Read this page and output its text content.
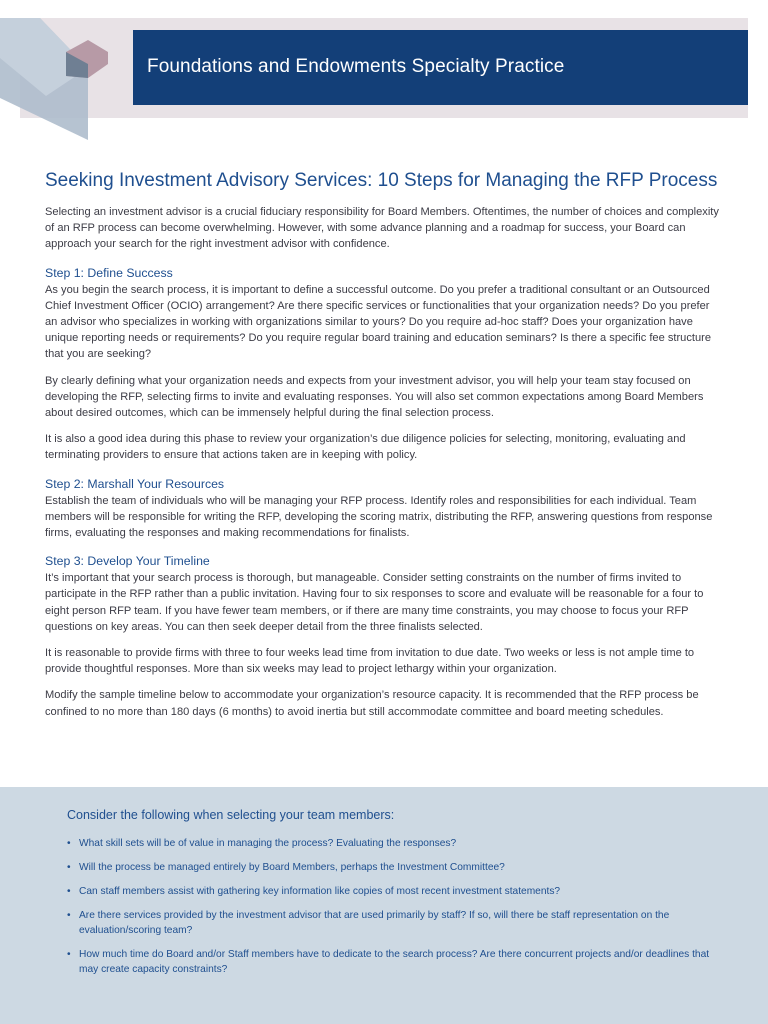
Foundations and Endowments Specialty Practice
Seeking Investment Advisory Services: 10 Steps for Managing the RFP Process

Selecting an investment advisor is a crucial fiduciary responsibility for Board Members. Oftentimes, the number of choices and complexity of an RFP process can become overwhelming. However, with some advance planning and a roadmap for success, your Board can approach your search for the right investment advisor with confidence.

Step 1: Define Success

As you begin the search process, it is important to define a successful outcome. Do you prefer a traditional consultant or an Outsourced Chief Investment Officer (OCIO) arrangement? Are there specific services or functionalities that your organization needs? Do you prefer an advisor who specializes in working with organizations similar to yours? Do you require ad-hoc staff? Does your organization have unique reporting needs or requirements? Do you require regular board training and education seminars? Is there a specific fee structure that you are seeking?

By clearly defining what your organization needs and expects from your investment advisor, you will help your team stay focused on developing the RFP, selecting firms to invite and evaluating responses. You will also set common expectations among Board Members about desired outcomes, which can be immensely helpful during the final selection process.

It is also a good idea during this phase to review your organization’s due diligence policies for selecting, monitoring, evaluating and terminating providers to ensure that actions taken are in keeping with policy.

Step 2: Marshall Your Resources

Establish the team of individuals who will be managing your RFP process. Identify roles and responsibilities for each individual. Team members will be responsible for writing the RFP, developing the scoring matrix, distributing the RFP, answering questions from response firms, evaluating the responses and making recommendations for finalists.

Step 3: Develop Your Timeline

It’s important that your search process is thorough, but manageable. Consider setting constraints on the number of firms invited to participate in the RFP rather than a public invitation. Having four to six responses to score and evaluate will be reasonable for a four to eight person RFP team. If you have fewer team members, or if there are many time constraints, you may choose to focus your RFP questions on key areas. You can then seek deeper detail from the three finalists selected.

It is reasonable to provide firms with three to four weeks lead time from invitation to due date. Two weeks or less is not ample time to provide thoughtful responses. More than six weeks may lead to project lethargy within your organization.

Modify the sample timeline below to accommodate your organization’s resource capacity. It is recommended that the RFP process be confined to no more than 180 days (6 months) to avoid inertia but still accommodate committee and board meeting schedules.

Consider the following when selecting your team members:
• What skill sets will be of value in managing the process? Evaluating the responses?
• Will the process be managed entirely by Board Members, perhaps the Investment Committee?
• Can staff members assist with gathering key information like copies of most recent investment statements?
• Are there services provided by the investment advisor that are used primarily by staff? If so, will there be staff representation on the evaluation/scoring team?
• How much time do Board and/or Staff members have to dedicate to the search process? Are there concurrent projects and/or deadlines that may create capacity constraints?
